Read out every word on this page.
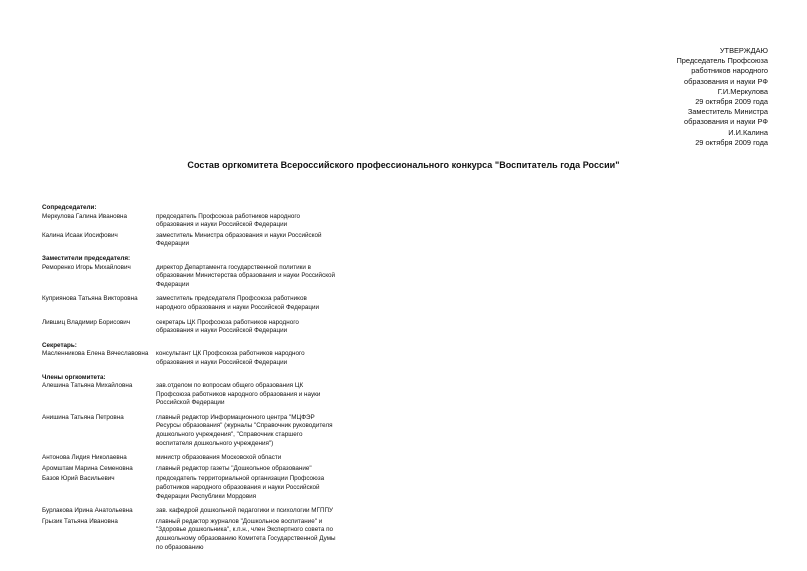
УТВЕРЖДАЮ
Председатель Профсоюза
работников народного
образования и науки РФ
Г.И.Меркулова
29 октября 2009 года
Заместитель Министра
образования и науки РФ
И.И.Калина
29 октября 2009 года
Состав оргкомитета Всероссийского профессионального конкурса "Воспитатель года России"
Сопредседатели:
Меркулова Галина Ивановна	председатель Профсоюза работников народного образования и науки Российской Федерации
Калина Исаак Иосифович	заместитель Министра образования и науки Российской Федерации
Заместители председателя:
Реморенко Игорь Михайлович	директор Департамента государственной политики в образовании Министерства образования и науки Российской Федерации
Куприянова Татьяна Викторовна	заместитель председателя Профсоюза работников народного образования и науки Российской Федерации
Лившиц Владимир Борисович	секретарь ЦК Профсоюза работников народного образования и науки Российской Федерации
Секретарь:
Масленникова Елена Вячеславовна	консультант ЦК Профсоюза работников народного образования и науки Российской Федерации
Члены оргкомитета:
Алешина Татьяна Михайловна	зав.отделом по вопросам общего образования ЦК Профсоюза работников народного образования и науки Российской Федерации
Анишина Татьяна Петровна	главный редактор Информационного центра "МЦФЭР Ресурсы образования" (журналы "Справочник руководителя дошкольного учреждения", "Справочник старшего воспитателя дошкольного учреждения")
Антонова Лидия Николаевна	министр образования Московской области
Аромштам Марина Семеновна	главный редактор газеты "Дошкольное образование"
Базов Юрий Васильевич	председатель территориальной организации Профсоюза работников народного образования и науки Российской Федерации Республики Мордовия
Бурлакова Ирина Анатольевна	зав. кафедрой дошкольной педагогики и психологии МГППУ
Грызик Татьяна Ивановна	главный редактор журналов "Дошкольное воспитание" и "Здоровье дошкольника", к.п.н., член Экспертного совета по дошкольному образованию Комитета Государственной Думы по образованию
